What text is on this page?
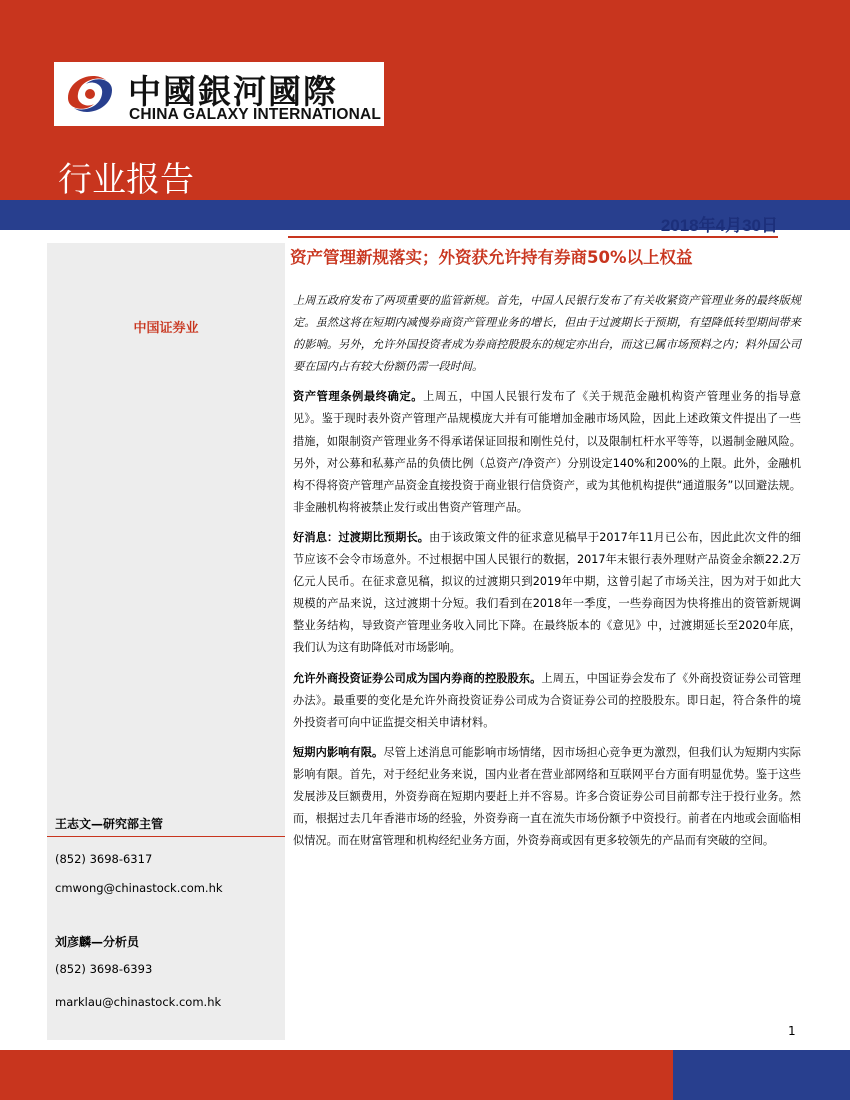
中國銀河國際
CHINA GALAXY INTERNATIONAL
行业报告
2018年4月30日
中国证券业
王志文—研究部主管
(852) 3698-6317
cmwong@chinastock.com.hk
刘彦麟—分析员
(852) 3698-6393
marklau@chinastock.com.hk
资产管理新规落实；外资获允许持有券商50%以上权益

上周五政府发布了两项重要的监管新规。首先，中国人民银行发布了有关收紧资产管理业务的最终版规定。虽然这将在短期内减慢券商资产管理业务的增长，但由于过渡期长于预期，有望降低转型期间带来的影响。另外，允许外国投资者成为券商控股股东的规定亦出台，而这已属市场预料之内；料外国公司要在国内占有较大份额仍需一段时间。

资产管理条例最终确定。上周五，中国人民银行发布了《关于规范金融机构资产管理业务的指导意见》。鉴于现时表外资产管理产品规模庞大并有可能增加金融市场风险，因此上述政策文件提出了一些措施，如限制资产管理业务不得承诺保证回报和刚性兑付，以及限制杠杆水平等等，以遏制金融风险。另外，对公募和私募产品的负债比例（总资产/净资产）分别设定140%和200%的上限。此外，金融机构不得将资产管理产品资金直接投资于商业银行信贷资产，或为其他机构提供“通道服务”以回避法规。非金融机构将被禁止发行或出售资产管理产品。

好消息：过渡期比预期长。由于该政策文件的征求意见稿早于2017年11月已公布，因此此次文件的细节应该不会令市场意外。不过根据中国人民银行的数据，2017年末银行表外理财产品资金余额22.2万亿元人民币。在征求意见稿，拟议的过渡期只到2019年中期，这曾引起了市场关注，因为对于如此大规模的产品来说，这过渡期十分短。我们看到在2018年一季度，一些券商因为快将推出的资管新规调整业务结构，导致资产管理业务收入同比下降。在最终版本的《意见》中，过渡期延长至2020年底，我们认为这有助降低对市场影响。

允许外商投资证券公司成为国内券商的控股股东。上周五，中国证券会发布了《外商投资证券公司管理办法》。最重要的变化是允许外商投资证券公司成为合资证券公司的控股股东。即日起，符合条件的境外投资者可向中证监提交相关申请材料。

短期内影响有限。尽管上述消息可能影响市场情绪，因市场担心竞争更为激烈，但我们认为短期内实际影响有限。首先，对于经纪业务来说，国内业者在营业部网络和互联网平台方面有明显优势。鉴于这些发展涉及巨额费用，外资券商在短期内要赶上并不容易。许多合资证券公司目前都专注于投行业务。然而，根据过去几年香港市场的经验，外资券商一直在流失市场份额予中资投行。前者在内地或会面临相似情况。而在财富管理和机构经纪业务方面，外资券商或因有更多较领先的产品而有突破的空间。

1
